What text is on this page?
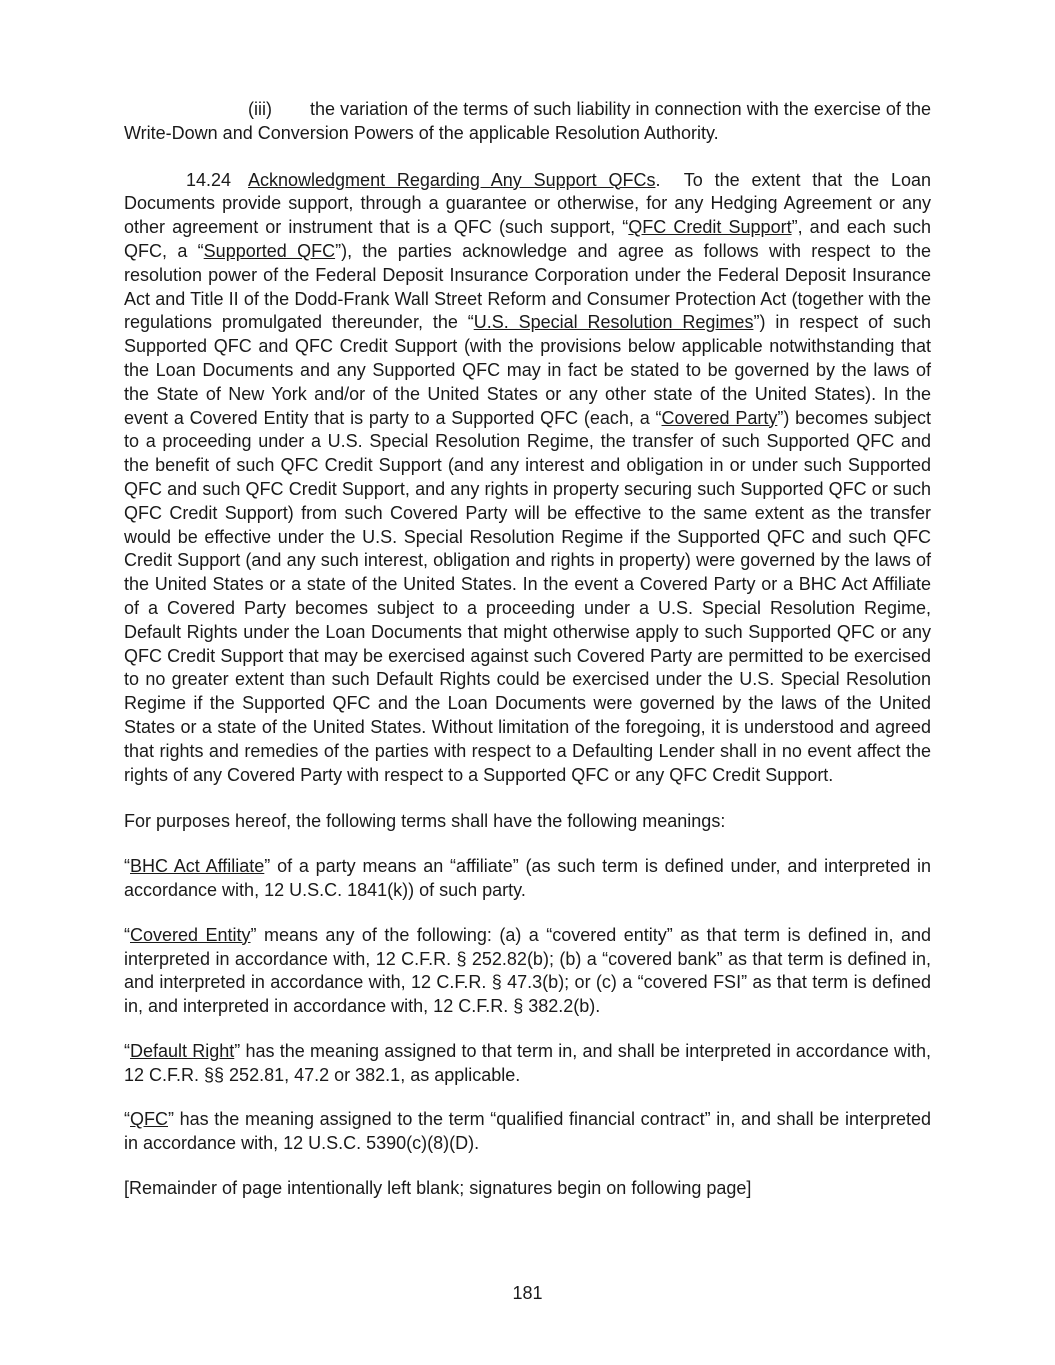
(iii) the variation of the terms of such liability in connection with the exercise of the Write-Down and Conversion Powers of the applicable Resolution Authority.

14.24 Acknowledgment Regarding Any Support QFCs. To the extent that the Loan Documents provide support, through a guarantee or otherwise, for any Hedging Agreement or any other agreement or instrument that is a QFC (such support, “QFC Credit Support”, and each such QFC, a “Supported QFC”), the parties acknowledge and agree as follows with respect to the resolution power of the Federal Deposit Insurance Corporation under the Federal Deposit Insurance Act and Title II of the Dodd-Frank Wall Street Reform and Consumer Protection Act (together with the regulations promulgated thereunder, the “U.S. Special Resolution Regimes”) in respect of such Supported QFC and QFC Credit Support (with the provisions below applicable notwithstanding that the Loan Documents and any Supported QFC may in fact be stated to be governed by the laws of the State of New York and/or of the United States or any other state of the United States). In the event a Covered Entity that is party to a Supported QFC (each, a “Covered Party”) becomes subject to a proceeding under a U.S. Special Resolution Regime, the transfer of such Supported QFC and the benefit of such QFC Credit Support (and any interest and obligation in or under such Supported QFC and such QFC Credit Support, and any rights in property securing such Supported QFC or such QFC Credit Support) from such Covered Party will be effective to the same extent as the transfer would be effective under the U.S. Special Resolution Regime if the Supported QFC and such QFC Credit Support (and any such interest, obligation and rights in property) were governed by the laws of the United States or a state of the United States. In the event a Covered Party or a BHC Act Affiliate of a Covered Party becomes subject to a proceeding under a U.S. Special Resolution Regime, Default Rights under the Loan Documents that might otherwise apply to such Supported QFC or any QFC Credit Support that may be exercised against such Covered Party are permitted to be exercised to no greater extent than such Default Rights could be exercised under the U.S. Special Resolution Regime if the Supported QFC and the Loan Documents were governed by the laws of the United States or a state of the United States. Without limitation of the foregoing, it is understood and agreed that rights and remedies of the parties with respect to a Defaulting Lender shall in no event affect the rights of any Covered Party with respect to a Supported QFC or any QFC Credit Support.

For purposes hereof, the following terms shall have the following meanings:

“BHC Act Affiliate” of a party means an “affiliate” (as such term is defined under, and interpreted in accordance with, 12 U.S.C. 1841(k)) of such party.

“Covered Entity” means any of the following: (a) a “covered entity” as that term is defined in, and interpreted in accordance with, 12 C.F.R. § 252.82(b); (b) a “covered bank” as that term is defined in, and interpreted in accordance with, 12 C.F.R. § 47.3(b); or (c) a “covered FSI” as that term is defined in, and interpreted in accordance with, 12 C.F.R. § 382.2(b).

“Default Right” has the meaning assigned to that term in, and shall be interpreted in accordance with, 12 C.F.R. §§ 252.81, 47.2 or 382.1, as applicable.

“QFC” has the meaning assigned to the term “qualified financial contract” in, and shall be interpreted in accordance with, 12 U.S.C. 5390(c)(8)(D).

[Remainder of page intentionally left blank; signatures begin on following page]

181
